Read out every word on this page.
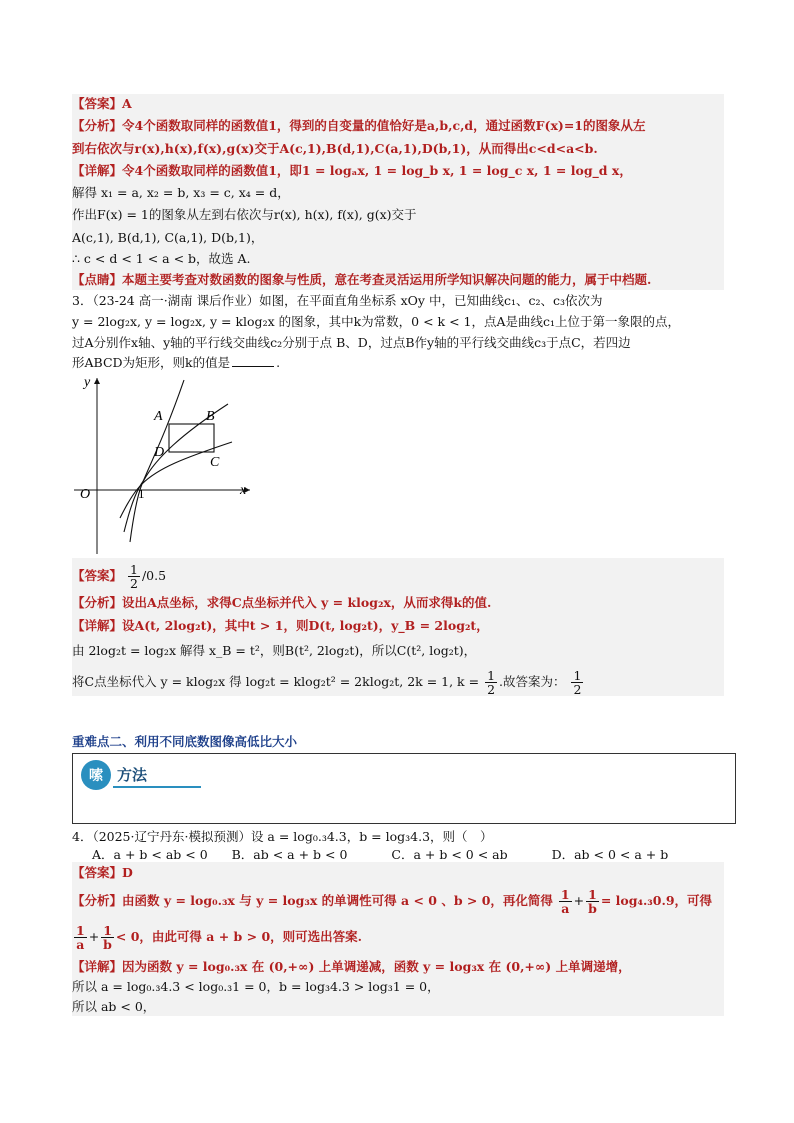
【答案】A
【分析】令4个函数取同样的函数值1，得到的自变量的值恰好是a,b,c,d，通过函数F(x)=1的图象从左
到右依次与r(x),h(x),f(x),g(x)交于A(c,1),B(d,1),C(a,1),D(b,1)，从而得出c<d<a<b.
【详解】令4个函数取同样的函数值1，即1 = logₐx, 1 = log_b x, 1 = log_c x, 1 = log_d x，
解得 x₁ = a, x₂ = b, x₃ = c, x₄ = d，
作出F(x) = 1的图象从左到右依次与r(x), h(x), f(x), g(x)交于
A(c,1), B(d,1), C(a,1), D(b,1)，
∴ c < d < 1 < a < b，故选 A.
【点睛】本题主要考查对数函数的图象与性质，意在考查灵活运用所学知识解决问题的能力，属于中档题.
3．（23-24 高一·湖南 课后作业）如图，在平面直角坐标系 xOy 中，已知曲线c₁、c₂、c₃依次为
y = 2log₂x, y = log₂x, y = klog₂x 的图象，其中k为常数，0 < k < 1，点A是曲线c₁上位于第一象限的点，
过A分别作x轴、y轴的平行线交曲线c₂分别于点 B、D，过点B作y轴的平行线交曲线c₃于点C，若四边
形ABCD为矩形，则k的值是	.
y
x
O	1
A	B
C
D
【答案】 $\frac{1}{2} /0.5$
【分析】设出A点坐标，求得C点坐标并代入 y = klog₂x，从而求得k的值.
【详解】设A(t, 2log₂t)，其中t > 1，则D(t, log₂t)，y_B = 2log₂t，
由 2log₂t = log₂x 解得 x_B = t²，则B(t², 2log₂t)，所以C(t², log₂t)，
将C点坐标代入 y = klog₂x 得 log₂t = klog₂t² = 2klog₂t, 2k = 1, $k = \frac{1}{2}$ .故答案为： $\frac{1}{2}$
重难点二、利用不同底数图像高低比大小
嗦 方法
4．（2025·辽宁丹东·模拟预测）设 a = log₀.₃4.3，b = log₃4.3，则（　）
A．a + b < ab < 0 B．ab < a + b < 0	C．a + b < 0 < ab	D．ab < 0 < a + b
【答案】D
【分析】由函数 y = log₀.₃x 与 y = log₃x 的单调性可得 a < 0 、b > 0，再化简得 $\frac{1}{a} + \frac{1}{b} = \log_4._30.9$，可得
$\frac{1}{a} + \frac{1}{b} < 0$，由此可得 a + b > 0，则可选出答案.
【详解】因为函数 y = log₀.₃x 在 (0,+∞) 上单调递减，函数 y = log₃x 在 (0,+∞) 上单调递增，
所以 a = log₀.₃4.3 < log₀.₃1 = 0，b = log₃4.3 > log₃1 = 0，
所以 ab < 0，
